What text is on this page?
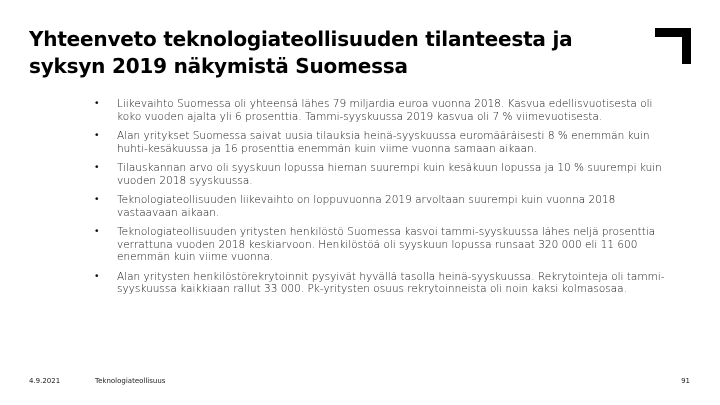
Yhteenveto teknologiateollisuuden tilanteesta ja syksyn 2019 näkymistä Suomessa
• Liikevaihto Suomessa oli yhteensä lähes 79 miljardia euroa vuonna 2018. Kasvua edellisvuotisesta oli koko vuoden ajalta yli 6 prosenttia. Tammi-syyskuussa 2019 kasvua oli 7 % viimevuotisesta.
• Alan yritykset Suomessa saivat uusia tilauksia heinä-syyskuussa euromääräisesti 8 % enemmän kuin huhti-kesäkuussa ja 16 prosenttia enemmän kuin viime vuonna samaan aikaan.
• Tilauskannan arvo oli syyskuun lopussa hieman suurempi kuin kesäkuun lopussa ja 10 % suurempi kuin vuoden 2018 syyskuussa.
• Teknologiateollisuuden liikevaihto on loppuvuonna 2019 arvoltaan suurempi kuin vuonna 2018 vastaavaan aikaan.
• Teknologiateollisuuden yritysten henkilöstö Suomessa kasvoi tammi-syyskuussa lähes neljä prosenttia verrattuna vuoden 2018 keskiarvoon. Henkilöstöä oli syyskuun lopussa runsaat 320 000 eli 11 600 enemmän kuin viime vuonna.
• Alan yritysten henkilöstörekrytoinnit pysyivät hyvällä tasolla heinä-syyskuussa. Rekrytointeja oli tammi-syyskuussa kaikkiaan rallut 33 000. Pk-yritysten osuus rekrytoinneista oli noin kaksi kolmasosaa.
4.9.2021	Teknologiateollisuus	91
